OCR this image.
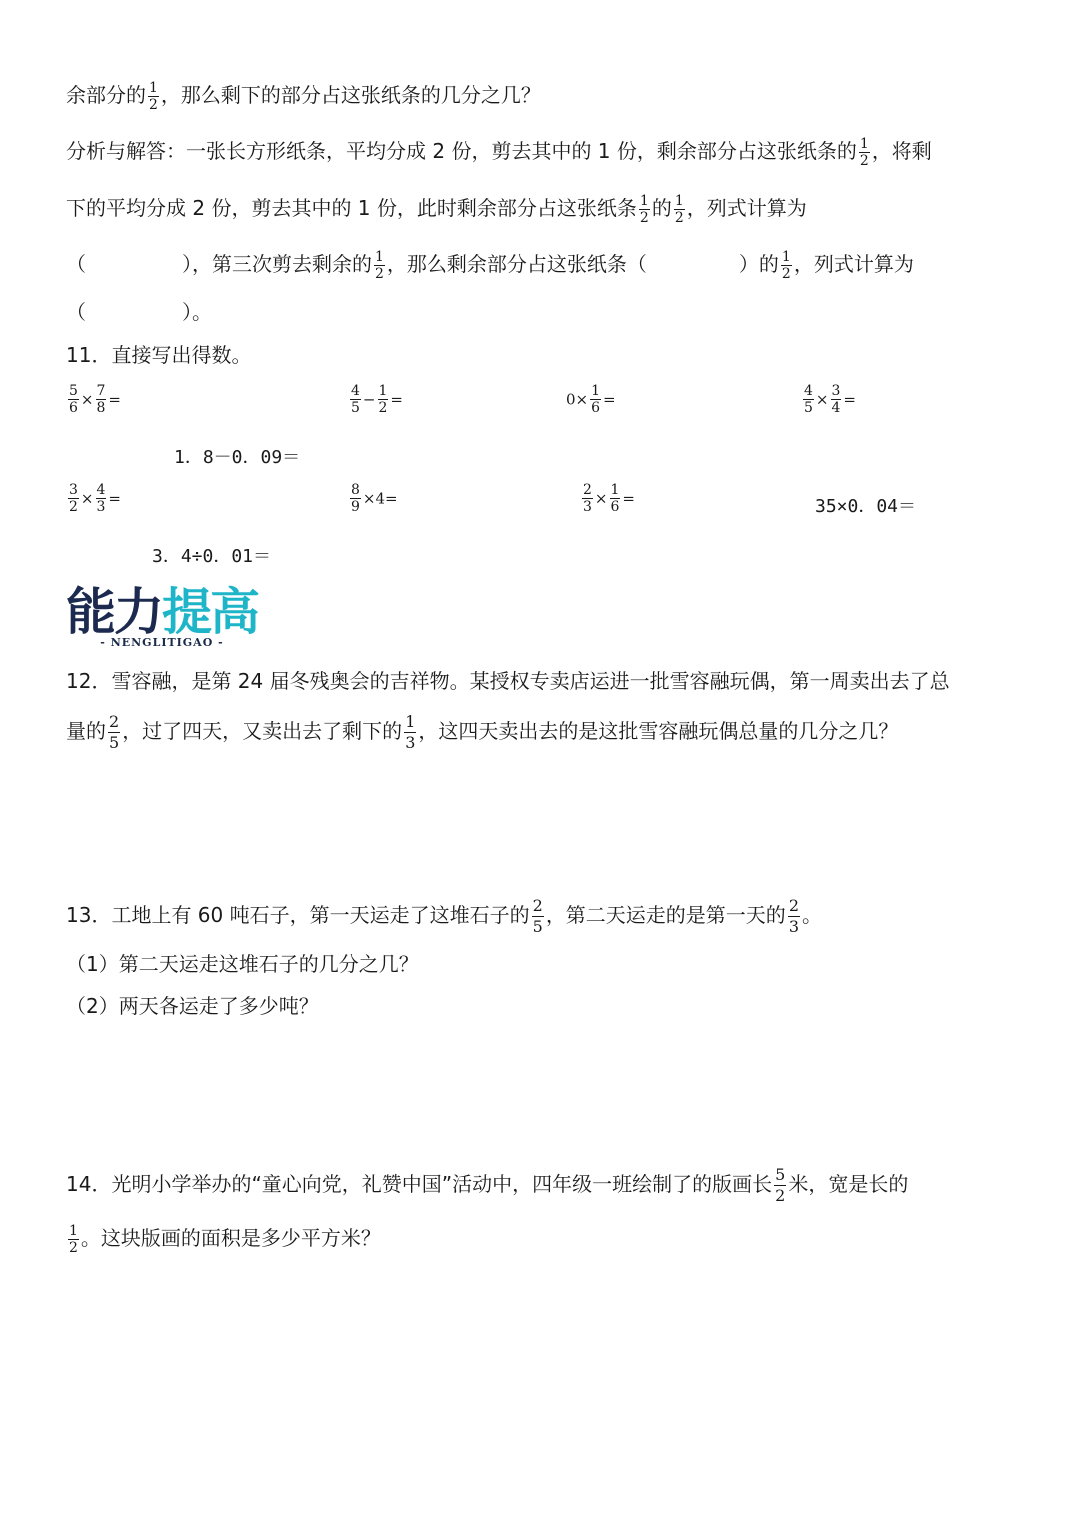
余部分的 $\frac{1}{2}$ ，那么剩下的部分占这张纸条的几分之几？
分析与解答：一张长方形纸条，平均分成 2 份，剪去其中的 1 份，剩余部分占这张纸条的 $\frac{1}{2}$ ，将剩
下的平均分成 2 份，剪去其中的 1 份，此时剩余部分占这张纸条 $\frac{1}{2}$ 的 $\frac{1}{2}$ ，列式计算为
（	），第三次剪去剩余的 $\frac{1}{2}$ ，那么剩余部分占这张纸条（	）的 $\frac{1}{2}$ ，列式计算为
（	）。
11．直接写出得数。
$\frac{5}{6} \times \frac{7}{8}$ =	$\frac{4}{5} - \frac{1}{2}$ =	$0\times \frac{1}{6}$ =	$\frac{4}{5} \times \frac{3}{4}$ =
1．8－0．09＝
$\frac{3}{2} \times \frac{4}{3}$ =	$\frac{8}{9} \times 4=$	$\frac{2}{3} \times \frac{1}{6}$ =	35×0．04＝
3．4÷0．01＝
能力提高
- NENGLITIGAO -
12．雪容融，是第 24 届冬残奥会的吉祥物。某授权专卖店运进一批雪容融玩偶，第一周卖出去了总
量的 $\frac{2}{5}$ ，过了四天，又卖出去了剩下的 $\frac{1}{3}$ ，这四天卖出去的是这批雪容融玩偶总量的几分之几？
13．工地上有 60 吨石子，第一天运走了这堆石子的 $\frac{2}{5}$ ，第二天运走的是第一天的 $\frac{2}{3}$ 。
（1）第二天运走这堆石子的几分之几？
（2）两天各运走了多少吨？
14．光明小学举办的“童心向党，礼赞中国”活动中，四年级一班绘制了的版画长 $\frac{5}{2}$ 米，宽是长的
$\frac{1}{2}$ 。这块版画的面积是多少平方米？
